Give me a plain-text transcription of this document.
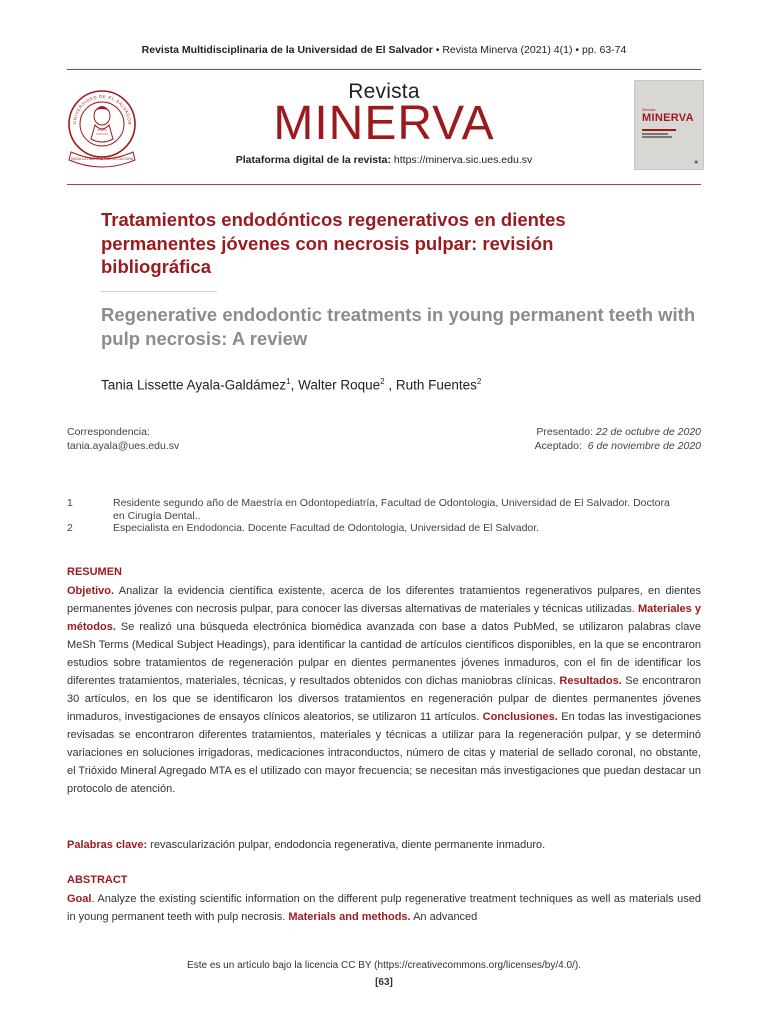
Revista Multidisciplinaria de la Universidad de El Salvador • Revista Minerva (2021) 4(1) • pp. 63-74
UNIVERSIDAD DE EL SALVADOR
HACIA LA LIBERTAD POR LA CULTURA
Revista
MINERVA
Plataforma digital de la revista: https://minerva.sic.ues.edu.sv
Revista
MINERVA
▣
Tratamientos endodónticos regenerativos en dientes permanentes jóvenes con necrosis pulpar: revisión bibliográfica
Regenerative endodontic treatments in young permanent teeth with pulp necrosis: A review
Tania Lissette Ayala-Galdámez$^1$, Walter Roque$^2$ , Ruth Fuentes$^2$
Correspondencia:
tania.ayala@ues.edu.sv
Presentado: 22 de octubre de 2020
Aceptado: 6 de noviembre de 2020
1	Residente segundo año de Maestría en Odontopediatría, Facultad de Odontologia, Universidad de El Salvador. Doctora en Cirugía Dental..
2	Especialista en Endodoncia. Docente Facultad de Odontologia, Universidad de El Salvador.
RESUMEN
Objetivo. Analizar la evidencia científica existente, acerca de los diferentes tratamientos regenerativos pulpares, en dientes permanentes jóvenes con necrosis pulpar, para conocer las diversas alternativas de materiales y técnicas utilizadas. Materiales y métodos. Se realizó una búsqueda electrónica biomédica avanzada con base a datos PubMed, se utilizaron palabras clave MeSh Terms (Medical Subject Headings), para identificar la cantidad de artículos científicos disponibles, en la que se encontraron estudios sobre tratamientos de regeneración pulpar en dientes permanentes jóvenes inmaduros, con el fin de identificar los diferentes tratamientos, materiales, técnicas, y resultados obtenidos con dichas maniobras clínicas. Resultados. Se encontraron 30 artículos, en los que se identificaron los diversos tratamientos en regeneración pulpar de dientes permanentes jóvenes inmaduros, investigaciones de ensayos clínicos aleatorios, se utilizaron 11 artículos. Conclusiones. En todas las investigaciones revisadas se encontraron diferentes tratamientos, materiales y técnicas a utilizar para la regeneración pulpar, y se determinó variaciones en soluciones irrigadoras, medicaciones intraconductos, número de citas y material de sellado coronal, no obstante, el Trióxido Mineral Agregado MTA es el utilizado con mayor frecuencia; se necesitan más investigaciones que puedan destacar un protocolo de atención.
Palabras clave: revascularización pulpar, endodoncia regenerativa, diente permanente inmaduro.
ABSTRACT
Goal. Analyze the existing scientific information on the different pulp regenerative treatment techniques as well as materials used in young permanent teeth with pulp necrosis. Materials and methods. An advanced
Este es un artículo bajo la licencia CC BY (https://creativecommons.org/licenses/by/4.0/).
[63]
